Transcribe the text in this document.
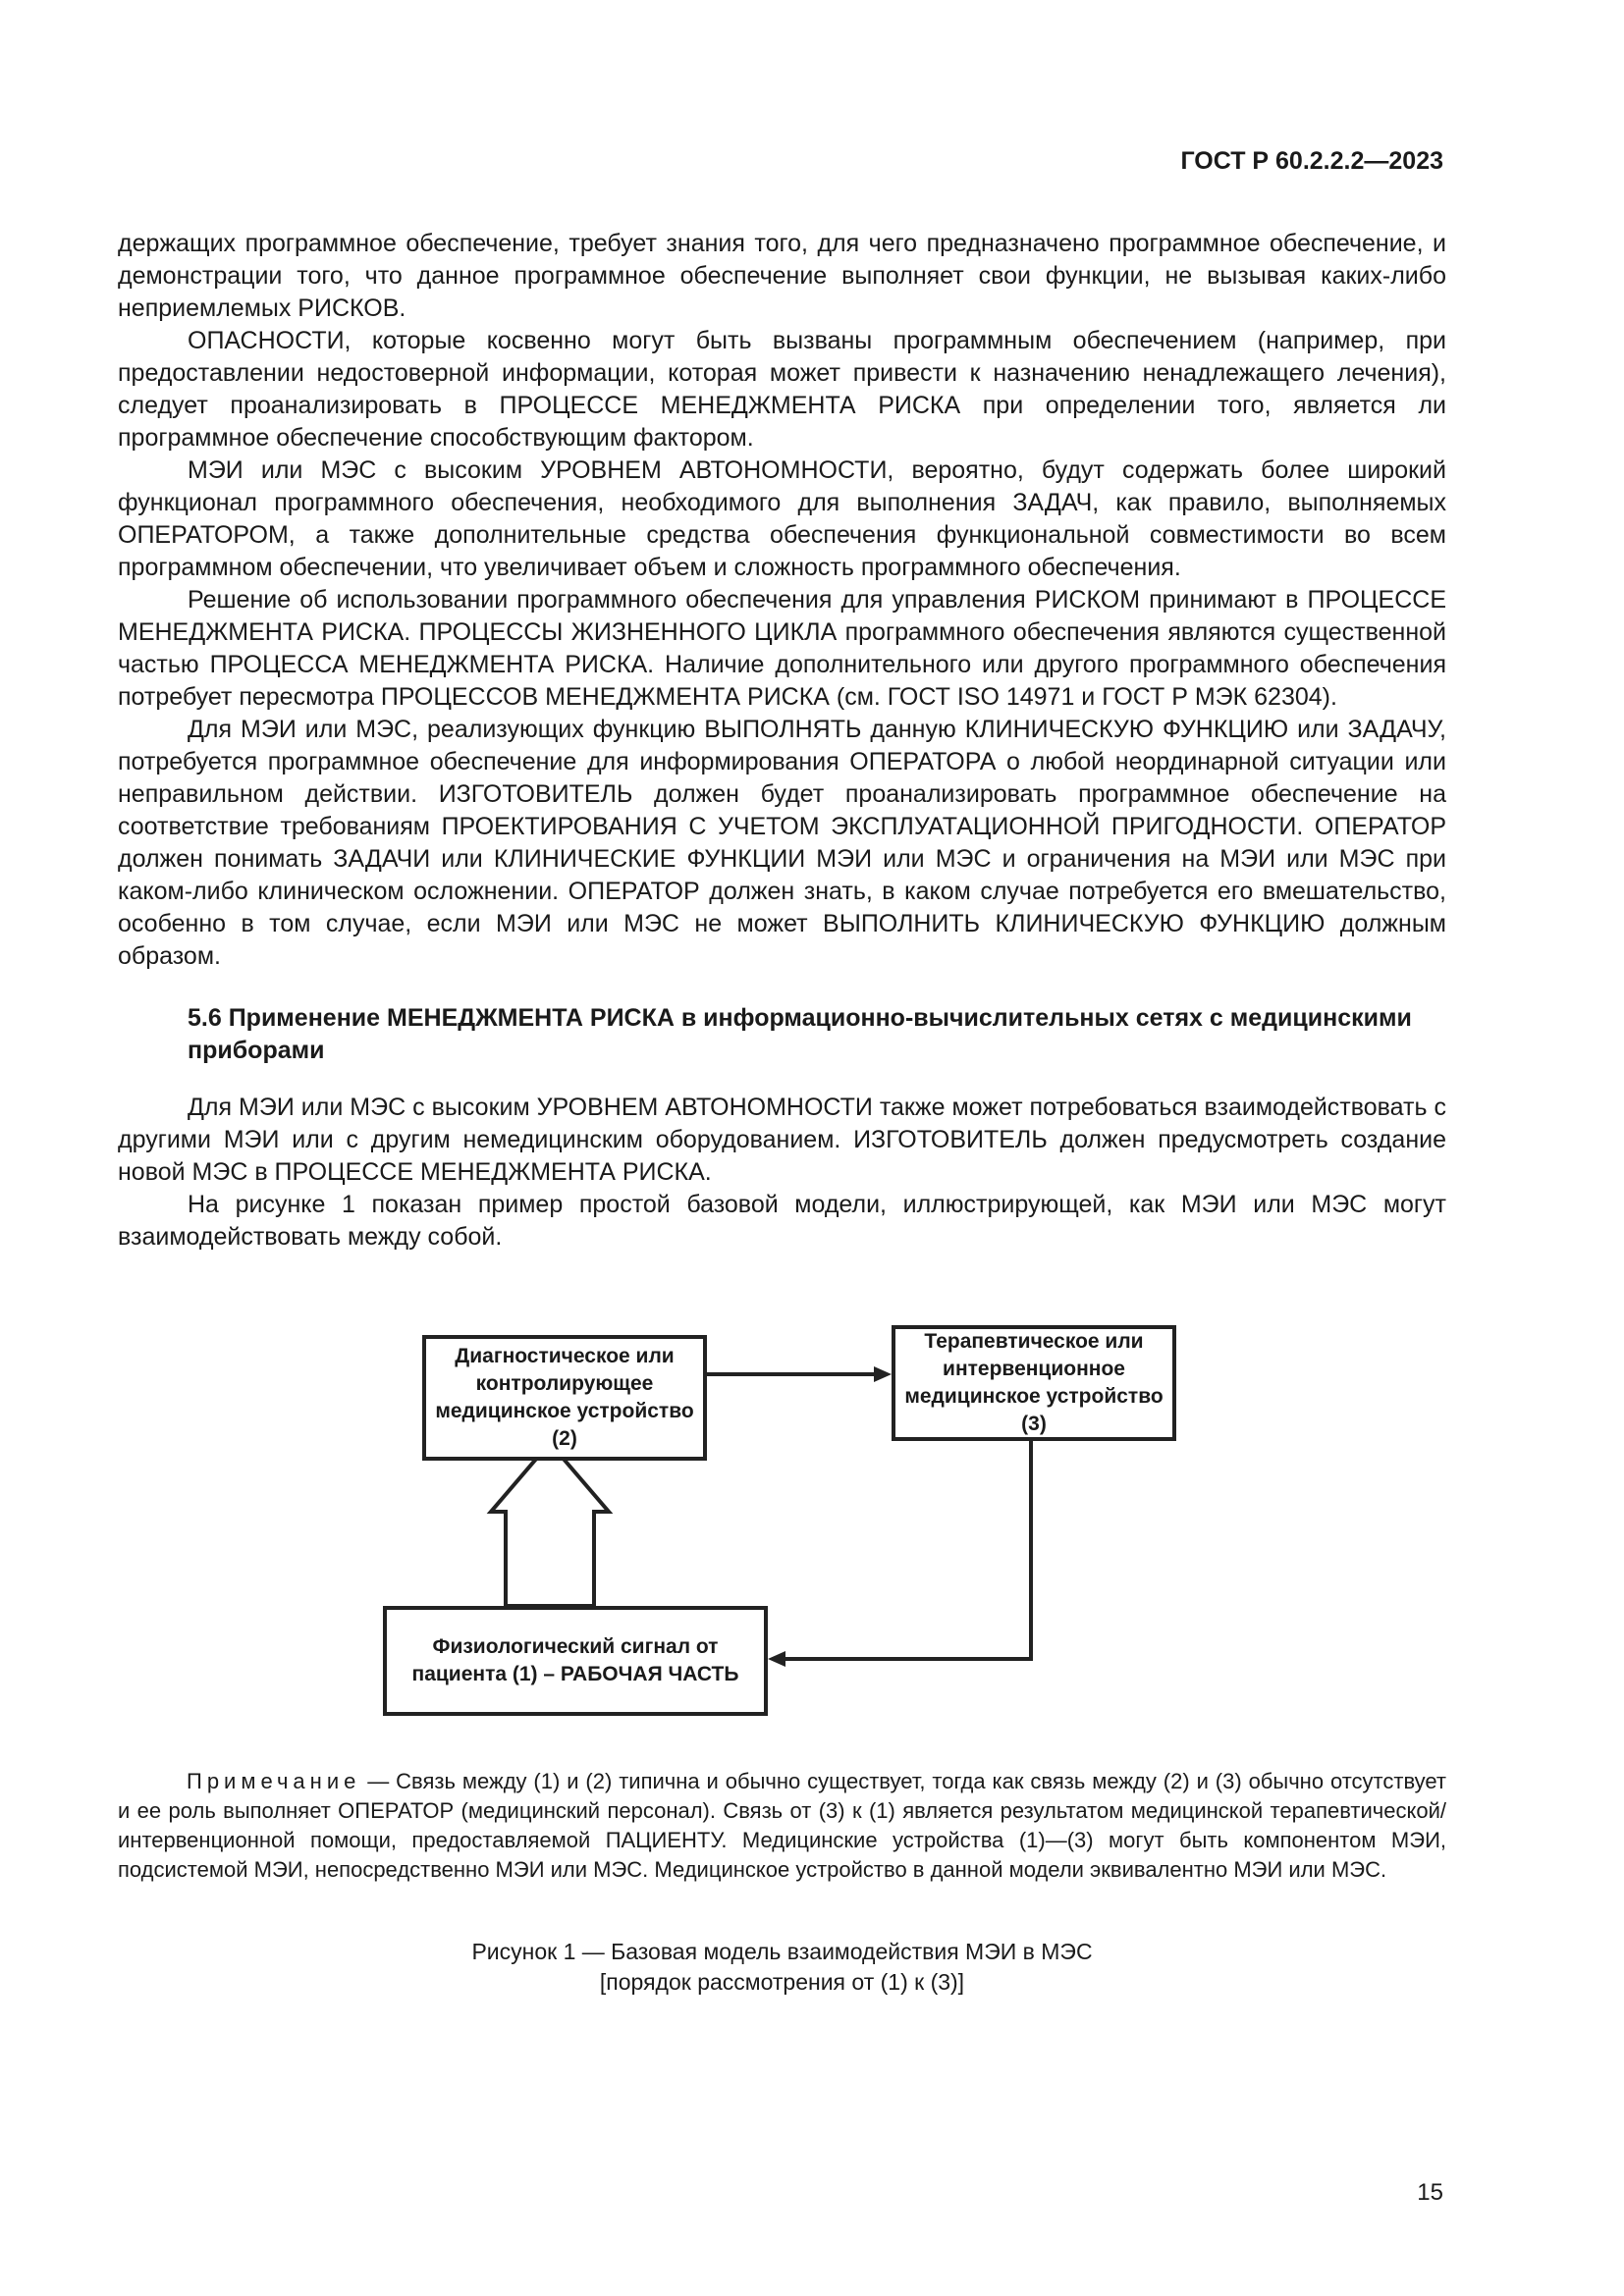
ГОСТ Р 60.2.2.2—2023

держащих программное обеспечение, требует знания того, для чего предназначено программное обеспечение, и демонстрации того, что данное программное обеспечение выполняет свои функции, не вызывая каких-либо неприемлемых РИСКОВ.

ОПАСНОСТИ, которые косвенно могут быть вызваны программным обеспечением (например, при предоставлении недостоверной информации, которая может привести к назначению ненадлежащего лечения), следует проанализировать в ПРОЦЕССЕ МЕНЕДЖМЕНТА РИСКА при определении того, является ли программное обеспечение способствующим фактором.

МЭИ или МЭС с высоким УРОВНЕМ АВТОНОМНОСТИ, вероятно, будут содержать более широкий функционал программного обеспечения, необходимого для выполнения ЗАДАЧ, как правило, выполняемых ОПЕРАТОРОМ, а также дополнительные средства обеспечения функциональной совместимости во всем программном обеспечении, что увеличивает объем и сложность программного обеспечения.

Решение об использовании программного обеспечения для управления РИСКОМ принимают в ПРОЦЕССЕ МЕНЕДЖМЕНТА РИСКА. ПРОЦЕССЫ ЖИЗНЕННОГО ЦИКЛА программного обеспечения являются существенной частью ПРОЦЕССА МЕНЕДЖМЕНТА РИСКА. Наличие дополнительного или другого программного обеспечения потребует пересмотра ПРОЦЕССОВ МЕНЕДЖМЕНТА РИСКА (см. ГОСТ ISO 14971 и ГОСТ Р МЭК 62304).

Для МЭИ или МЭС, реализующих функцию ВЫПОЛНЯТЬ данную КЛИНИЧЕСКУЮ ФУНКЦИЮ или ЗАДАЧУ, потребуется программное обеспечение для информирования ОПЕРАТОРА о любой неординарной ситуации или неправильном действии. ИЗГОТОВИТЕЛЬ должен будет проанализировать программное обеспечение на соответствие требованиям ПРОЕКТИРОВАНИЯ С УЧЕТОМ ЭКСПЛУАТАЦИОННОЙ ПРИГОДНОСТИ. ОПЕРАТОР должен понимать ЗАДАЧИ или КЛИНИЧЕСКИЕ ФУНКЦИИ МЭИ или МЭС и ограничения на МЭИ или МЭС при каком-либо клиническом осложнении. ОПЕРАТОР должен знать, в каком случае потребуется его вмешательство, особенно в том случае, если МЭИ или МЭС не может ВЫПОЛНИТЬ КЛИНИЧЕСКУЮ ФУНКЦИЮ должным образом.

5.6 Применение МЕНЕДЖМЕНТА РИСКА в информационно-вычислительных сетях с медицинскими приборами

Для МЭИ или МЭС с высоким УРОВНЕМ АВТОНОМНОСТИ также может потребоваться взаимодействовать с другими МЭИ или с другим немедицинским оборудованием. ИЗГОТОВИТЕЛЬ должен предусмотреть создание новой МЭС в ПРОЦЕССЕ МЕНЕДЖМЕНТА РИСКА.

На рисунке 1 показан пример простой базовой модели, иллюстрирующей, как МЭИ или МЭС могут взаимодействовать между собой.

Диагностическое или контролирующее медицинское устройство (2)
Терапевтическое или интервенционное медицинское устройство (3)
Физиологический сигнал от пациента (1) – РАБОЧАЯ ЧАСТЬ
Примечание — Связь между (1) и (2) типична и обычно существует, тогда как связь между (2) и (3) обычно отсутствует и ее роль выполняет ОПЕРАТОР (медицинский персонал). Связь от (3) к (1) является результатом медицинской терапевтической/интервенционной помощи, предоставляемой ПАЦИЕНТУ. Медицинские устройства (1)—(3) могут быть компонентом МЭИ, подсистемой МЭИ, непосредственно МЭИ или МЭС. Медицинское устройство в данной модели эквивалентно МЭИ или МЭС.
Рисунок 1 — Базовая модель взаимодействия МЭИ в МЭС
[порядок рассмотрения от (1) к (3)]
15
